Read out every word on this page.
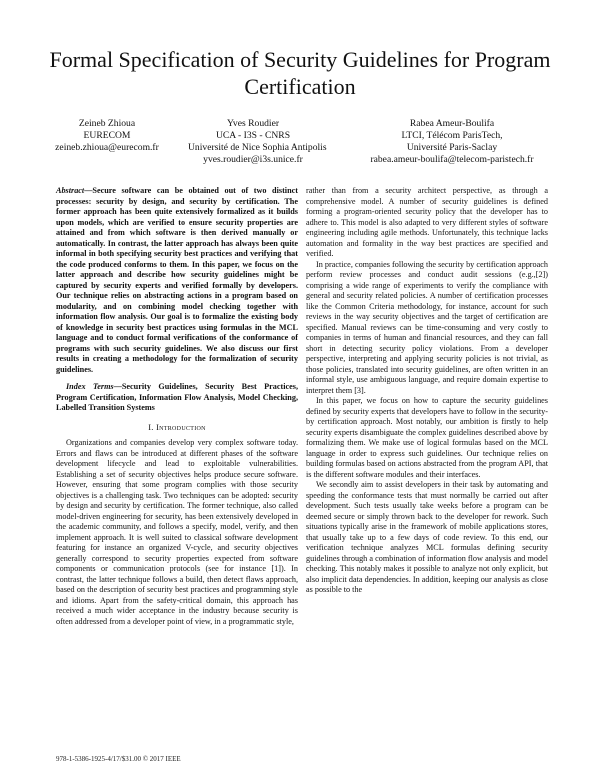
Formal Specification of Security Guidelines for Program Certification
Zeineb Zhioua
EURECOM
zeineb.zhioua@eurecom.fr
Yves Roudier
UCA - I3S - CNRS
Université de Nice Sophia Antipolis
yves.roudier@i3s.unice.fr
Rabea Ameur-Boulifa
LTCI, Télécom ParisTech,
Université Paris-Saclay
rabea.ameur-boulifa@telecom-paristech.fr

Abstract—Secure software can be obtained out of two distinct processes: security by design, and security by certification. The former approach has been quite extensively formalized as it builds upon models, which are verified to ensure security properties are attained and from which software is then derived manually or automatically. In contrast, the latter approach has always been quite informal in both specifying security best practices and verifying that the code produced conforms to them. In this paper, we focus on the latter approach and describe how security guidelines might be captured by security experts and verified formally by developers. Our technique relies on abstracting actions in a program based on modularity, and on combining model checking together with information flow analysis. Our goal is to formalize the existing body of knowledge in security best practices using formulas in the MCL language and to conduct formal verifications of the conformance of programs with such security guidelines. We also discuss our first results in creating a methodology for the formalization of security guidelines.

Index Terms—Security Guidelines, Security Best Practices, Program Certification, Information Flow Analysis, Model Checking, Labelled Transition Systems

I. Introduction

Organizations and companies develop very complex software today. Errors and flaws can be introduced at different phases of the software development lifecycle and lead to exploitable vulnerabilities. Establishing a set of security objectives helps produce secure software. However, ensuring that some program complies with those security objectives is a challenging task. Two techniques can be adopted: security by design and security by certification. The former technique, also called model-driven engineering for security, has been extensively developed in the academic community, and follows a specify, model, verify, and then implement approach. It is well suited to classical software development featuring for instance an organized V-cycle, and security objectives generally correspond to security properties expected from software components or communication protocols (see for instance [1]). In contrast, the latter technique follows a build, then detect flaws approach, based on the description of security best practices and programming style and idioms. Apart from the safety-critical domain, this approach has received a much wider acceptance in the industry because security is often addressed from a developer point of view, in a programmatic style,

rather than from a security architect perspective, as through a comprehensive model. A number of security guidelines is defined forming a program-oriented security policy that the developer has to adhere to. This model is also adapted to very different styles of software engineering including agile methods. Unfortunately, this technique lacks automation and formality in the way best practices are specified and verified.

In practice, companies following the security by certification approach perform review processes and conduct audit sessions (e.g.,[2]) comprising a wide range of experiments to verify the compliance with general and security related policies. A number of certification processes like the Common Criteria methodology, for instance, account for such reviews in the way security objectives and the target of certification are specified. Manual reviews can be time-consuming and very costly to companies in terms of human and financial resources, and they can fall short in detecting security policy violations. From a developer perspective, interpreting and applying security policies is not trivial, as those policies, translated into security guidelines, are often written in an informal style, use ambiguous language, and require domain expertise to interpret them [3].

In this paper, we focus on how to capture the security guidelines defined by security experts that developers have to follow in the security-by certification approach. Most notably, our ambition is firstly to help security experts disambiguate the complex guidelines described above by formalizing them. We make use of logical formulas based on the MCL language in order to express such guidelines. Our technique relies on building formulas based on actions abstracted from the program API, that is the different software modules and their interfaces.

We secondly aim to assist developers in their task by automating and speeding the conformance tests that must normally be carried out after development. Such tests usually take weeks before a program can be deemed secure or simply thrown back to the developer for rework. Such situations typically arise in the framework of mobile applications stores, that usually take up to a few days of code review. To this end, our verification technique analyzes MCL formulas defining security guidelines through a combination of information flow analysis and model checking. This notably makes it possible to analyze not only explicit, but also implicit data dependencies. In addition, keeping our analysis as close as possible to the

978-1-5386-1925-4/17/$31.00 © 2017 IEEE
